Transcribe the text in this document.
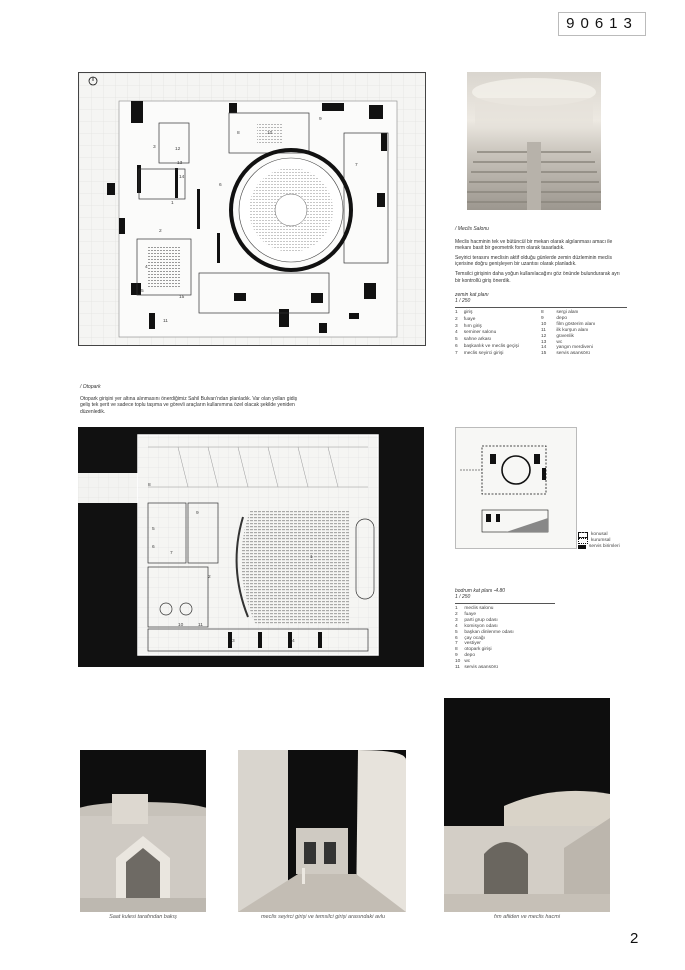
90613
1
2
3
4
5
6
7
8
9
10
11
12
13
14
15
/ Meclis Salonu
Meclis hacminin tek ve bütüncül bir mekan olarak algılanması amacı ile mekanı basit bir geometrik form olarak tasarladık.
Seyirici terasını meclisin aktif olduğu günlerde zemin düzleminin meclis içerisine doğru genişleyen bir uzantısı olarak planladık.
Temsilci girişinin daha yoğun kullanılacağını göz önünde bulundurarak ayrı bir kontrollü giriş önerdik.
zemin kat planı
1 / 250
1	giriş
2	fuaye
3	hım giriş
4	seminer salonu
5	sahne arkası
6	başkanlık ve meclis geçişi
7	meclis seyirci girişi
8	sergi alanı
9	depo
10	film gösterim alanı
11	ilk kurşun alanı
12	güvenlik
13	wc
14	yangın merdiveni
15	servis asansörü
/ Otopark
Otopark girişini yer altına alınmasını önerdiğimiz Sahil Bulvarı'ndan planladık. Var olan yolları gidiş geliş tek şerit ve sadece toplu taşıma ve görevli araçların kullanımına özel olacak şekilde yeniden düzenledik.
1
2
3	4
5
6
7
8
9
10	11
konusal
kurumsal
servis birimleri
bodrum kat planı -4.80
1 / 250
1	meclis salonu
2	fuaye
3	parti grup odası
4	komisyon odası
5	başkan dinlenme odası
6	çay ocağı
7	vestiyer
8	otopark girişi
9	depo
10	wc
11	servis asansörü
Saat kulesi tarafından bakış	meclis seyirci girişi ve temsilci girişi arasındaki avlu	fım afiiden ve meclis hacmi
2
